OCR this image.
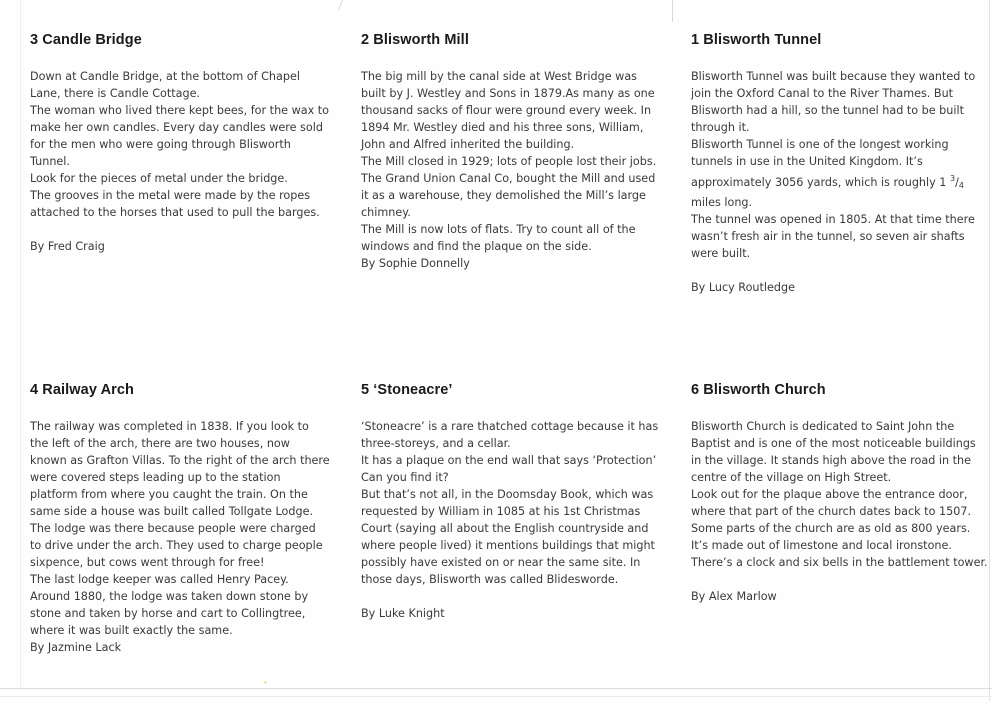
3 Candle Bridge

Down at Candle Bridge, at the bottom of Chapel Lane, there is Candle Cottage.

The woman who lived there kept bees, for the wax to make her own candles. Every day candles were sold for the men who were going through Blisworth Tunnel.

Look for the pieces of metal under the bridge.

The grooves in the metal were made by the ropes attached to the horses that used to pull the barges.

By Fred Craig

2 Blisworth Mill

The big mill by the canal side at West Bridge was built by J. Westley and Sons in 1879.As many as one thousand sacks of flour were ground every week. In 1894 Mr. Westley died and his three sons, William, John and Alfred inherited the building.

The Mill closed in 1929; lots of people lost their jobs. The Grand Union Canal Co, bought the Mill and used it as a warehouse, they demolished the Mill’s large chimney.

The Mill is now lots of flats. Try to count all of the windows and find the plaque on the side.

By Sophie Donnelly

1 Blisworth Tunnel

Blisworth Tunnel was built because they wanted to join the Oxford Canal to the River Thames. But Blisworth had a hill, so the tunnel had to be built through it.

Blisworth Tunnel is one of the longest working tunnels in use in the United Kingdom. It’s approximately 3056 yards, which is roughly 1 $^3/_4$ miles long.

The tunnel was opened in 1805. At that time there wasn’t fresh air in the tunnel, so seven air shafts were built.

By Lucy Routledge

4 Railway Arch

The railway was completed in 1838. If you look to the left of the arch, there are two houses, now known as Grafton Villas. To the right of the arch there were covered steps leading up to the station platform from where you caught the train. On the same side a house was built called Tollgate Lodge.

The lodge was there because people were charged to drive under the arch. They used to charge people sixpence, but cows went through for free!

The last lodge keeper was called Henry Pacey.

Around 1880, the lodge was taken down stone by stone and taken by horse and cart to Collingtree, where it was built exactly the same.

By Jazmine Lack

5 ‘Stoneacre’

‘Stoneacre’ is a rare thatched cottage because it has three-storeys, and a cellar.

It has a plaque on the end wall that says ‘Protection’ Can you find it?

But that’s not all, in the Doomsday Book, which was requested by William in 1085 at his 1st Christmas Court (saying all about the English countryside and where people lived) it mentions buildings that might possibly have existed on or near the same site. In those days, Blisworth was called Blidesworde.

By Luke Knight

6 Blisworth Church

Blisworth Church is dedicated to Saint John the Baptist and is one of the most noticeable buildings in the village. It stands high above the road in the centre of the village on High Street.

Look out for the plaque above the entrance door, where that part of the church dates back to 1507.

Some parts of the church are as old as 800 years.

It’s made out of limestone and local ironstone.

There’s a clock and six bells in the battlement tower.

By Alex Marlow
